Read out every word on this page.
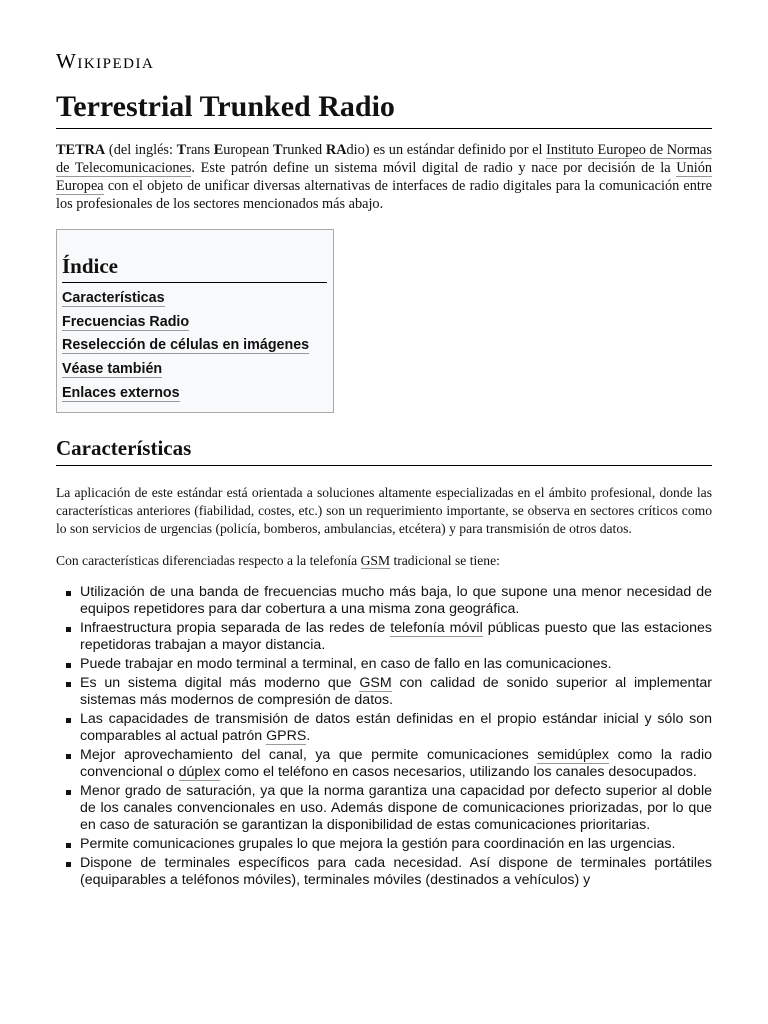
Wikipedia
Terrestrial Trunked Radio

TETRA (del inglés: Trans European Trunked RAdio) es un estándar definido por el Instituto Europeo de Normas de Telecomunicaciones. Este patrón define un sistema móvil digital de radio y nace por decisión de la Unión Europea con el objeto de unificar diversas alternativas de interfaces de radio digitales para la comunicación entre los profesionales de los sectores mencionados más abajo.

Índice
Características
Frecuencias Radio
Reselección de células en imágenes
Véase también
Enlaces externos
Características

La aplicación de este estándar está orientada a soluciones altamente especializadas en el ámbito profesional, donde las características anteriores (fiabilidad, costes, etc.) son un requerimiento importante, se observa en sectores críticos como lo son servicios de urgencias (policía, bomberos, ambulancias, etcétera) y para transmisión de otros datos.

Con características diferenciadas respecto a la telefonía GSM tradicional se tiene:

Utilización de una banda de frecuencias mucho más baja, lo que supone una menor necesidad de equipos repetidores para dar cobertura a una misma zona geográfica.
Infraestructura propia separada de las redes de telefonía móvil públicas puesto que las estaciones repetidoras trabajan a mayor distancia.
Puede trabajar en modo terminal a terminal, en caso de fallo en las comunicaciones.
Es un sistema digital más moderno que GSM con calidad de sonido superior al implementar sistemas más modernos de compresión de datos.
Las capacidades de transmisión de datos están definidas en el propio estándar inicial y sólo son comparables al actual patrón GPRS.
Mejor aprovechamiento del canal, ya que permite comunicaciones semidúplex como la radio convencional o dúplex como el teléfono en casos necesarios, utilizando los canales desocupados.
Menor grado de saturación, ya que la norma garantiza una capacidad por defecto superior al doble de los canales convencionales en uso. Además dispone de comunicaciones priorizadas, por lo que en caso de saturación se garantizan la disponibilidad de estas comunicaciones prioritarias.
Permite comunicaciones grupales lo que mejora la gestión para coordinación en las urgencias.
Dispone de terminales específicos para cada necesidad. Así dispone de terminales portátiles (equiparables a teléfonos móviles), terminales móviles (destinados a vehículos) y
